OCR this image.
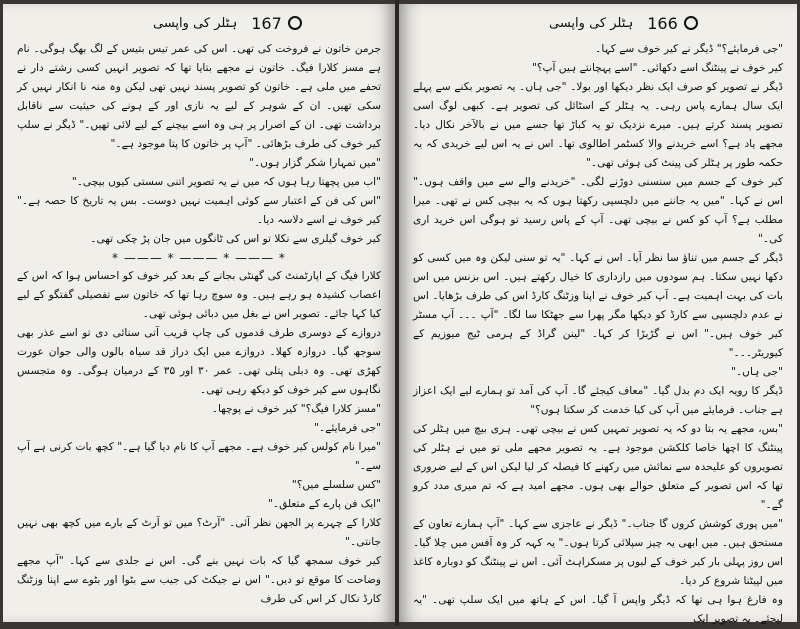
ہٹلر کی واپسی 167

جرمن خاتون نے فروخت کی تھی۔ اس کی عمر تیس بتیس کے لگ بھگ ہوگی۔ نام ہے مسز کلارا فیگ۔ خاتون نے مجھے بتایا تھا کہ تصویر انہیں کسی رشتے دار نے تحفے میں ملی ہے۔ خاتون کو تصویر پسند نہیں تھی لیکن وہ منہ نا انکار نہیں کر سکی تھیں۔ ان کے شوہر کے لیے یہ نازی اور کے ہونے کی حیثیت سے ناقابل برداشت تھی۔ ان کے اصرار پر ہی وہ اسے بیچنے کے لیے لائی تھیں۔" ڈیگر نے سلپ کیر خوف کی طرف بڑھائی۔ "آپ پر خاتون کا پتا موجود ہے۔"

"میں تمہارا شکر گزار ہوں۔"

"اب میں پچھتا رہا ہوں کہ میں نے یہ تصویر اتنی سستی کیوں بیچی۔"

"اس کی فن کے اعتبار سے کوئی اہمیت نہیں دوست۔ بس یہ تاریخ کا حصہ ہے۔" کیر خوف نے اسے دلاسہ دیا۔

کیر خوف گیلری سے نکلا تو اس کی ٹانگوں میں جان پڑ چکی تھی۔

* ——— * ——— * ——— *

کلارا فیگ کے اپارٹمنٹ کی گھنٹی بجانے کے بعد کیر خوف کو احساس ہوا کہ اس کے اعصاب کشیدہ ہو رہے ہیں۔ وہ سوچ رہا تھا کہ خاتون سے تفصیلی گفتگو کے لیے کیا کہا جائے۔ تصویر اس نے بغل میں دبائی ہوئی تھی۔

دروازے کے دوسری طرف قدموں کی چاپ قریب آتی سنائی دی تو اسے عذر بھی سوجھ گیا۔ دروازہ کھلا۔ دروازے میں ایک دراز قد سیاہ بالوں والی جوان عورت کھڑی تھی۔ وہ دبلی پتلی تھی۔ عمر ۳۰ اور ۳۵ کے درمیان ہوگی۔ وہ متجسس نگاہوں سے کیر خوف کو دیکھ رہی تھی۔

"مسز کلارا فیگ؟" کیر خوف نے پوچھا۔

"جی فرمایئے۔"

"میرا نام کولس کیر خوف ہے۔ مجھے آپ کا نام دیا گیا ہے۔" کچھ بات کرنی ہے آپ سے۔"

"کس سلسلے میں؟"

"ایک فن پارے کے متعلق۔"

کلارا کے چہرے پر الجھن نظر آئی۔ "آرٹ؟ میں تو آرٹ کے بارے میں کچھ بھی نہیں جانتی۔"

کیر خوف سمجھ گیا کہ بات نہیں بنے گی۔ اس نے جلدی سے کہا۔ "آپ مجھے وضاحت کا موقع تو دیں۔" اس نے جیکٹ کی جیب سے بٹوا اور بٹوے سے اپنا وزٹنگ کارڈ نکال کر اس کی طرف

ہٹلر کی واپسی 166

"جی فرمایئے؟" ڈیگر نے کیر خوف سے کہا۔

کیر خوف نے پینٹنگ اسے دکھائی۔ "اسے پہچانتے ہیں آپ؟"

ڈیگر نے تصویر کو صرف ایک نظر دیکھا اور بولا۔ "جی ہاں۔ یہ تصویر بکنے سے پہلے ایک سال ہمارے پاس رہی۔ یہ ہٹلر کے اسٹائل کی تصویر ہے۔ کبھی لوگ اسی تصویر پسند کرتے ہیں۔ میرے نزدیک تو یہ کباڑ تھا جسے میں نے بالآخر نکال دیا۔ مجھے یاد ہے؟ اسے خریدنے والا کسٹمر اطالوی تھا۔ اس نے یہ اس لیے خریدی کہ یہ حکمہ طور پر ہٹلر کی پینٹ کی ہوئی تھی۔"

کیر خوف کے جسم میں سنسنی دوڑنے لگی۔ "خریدنے والے سے میں واقف ہوں۔" اس نے کہا۔ "میں یہ جاننے میں دلچسپی رکھتا ہوں کہ یہ بیچی کس نے تھی۔ میرا مطلب ہے؟ آپ کو کس نے بیچی تھی۔ آپ کے پاس رسید تو ہوگی اس خرید اری کی۔"

ڈیگر کے جسم میں تناؤ سا نظر آیا۔ اس نے کہا۔ "یہ تو سنی لیکن وہ میں کسی کو دکھا نہیں سکتا۔ ہم سودوں میں رازداری کا خیال رکھتے ہیں۔ اس بزنس میں اس بات کی بہت اہمیت ہے۔ آپ کیر خوف نے اپنا وزٹنگ کارڈ اس کی طرف بڑھایا۔ اس نے عدم دلچسپی سے کارڈ کو دیکھا مگر پھرا سے جھٹکا سا لگا۔ "آپ ۔۔۔ آپ مسٹر کیر خوف ہیں۔" اس نے گڑبڑا کر کہا۔ "لینن گراڈ کے ہرمی ٹیج میوزیم کے کیوریٹر۔۔۔"

"جی ہاں۔"

ڈیگر کا رویہ ایک دم بدل گیا۔ "معاف کیجئے گا۔ آپ کی آمد تو ہمارے لیے ایک اعزاز ہے جناب۔ فرمایئے میں آپ کی کیا خدمت کر سکتا ہوں؟"

"بس، مجھے یہ بتا دو کہ یہ تصویر تمہیں کس نے بیچی تھی۔ ہری بیچ میں ہٹلر کی پینٹنگ کا اچھا خاصا کلکشن موجود ہے۔ یہ تصویر مجھے ملی تو میں نے ہٹلر کی تصویروں کو علیحدہ سے نمائش میں رکھنے کا فیصلہ کر لیا لیکن اس کے لیے ضروری تھا کہ اس تصویر کے متعلق حوالے بھی ہوں۔ مجھے امید ہے کہ تم میری مدد کرو گے۔"

"میں پوری کوشش کروں گا جناب۔" ڈیگر نے عاجزی سے کہا۔ "آپ ہمارے تعاون کے مستحق ہیں۔ میں ابھی یہ چیز سپلائی کرتا ہوں۔" یہ کہہ کر وہ آفس میں چلا گیا۔ اس روز پہلی بار کیر خوف کے لبوں پر مسکراہٹ آئی۔ اس نے پینٹنگ کو دوبارہ کاغذ میں لپیٹنا شروع کر دیا۔

وہ فارغ ہوا ہی تھا کہ ڈیگر واپس آ گیا۔ اس کے ہاتھ میں ایک سلپ تھی۔ "یہ لیجئے۔ یہ تصویر ایک
